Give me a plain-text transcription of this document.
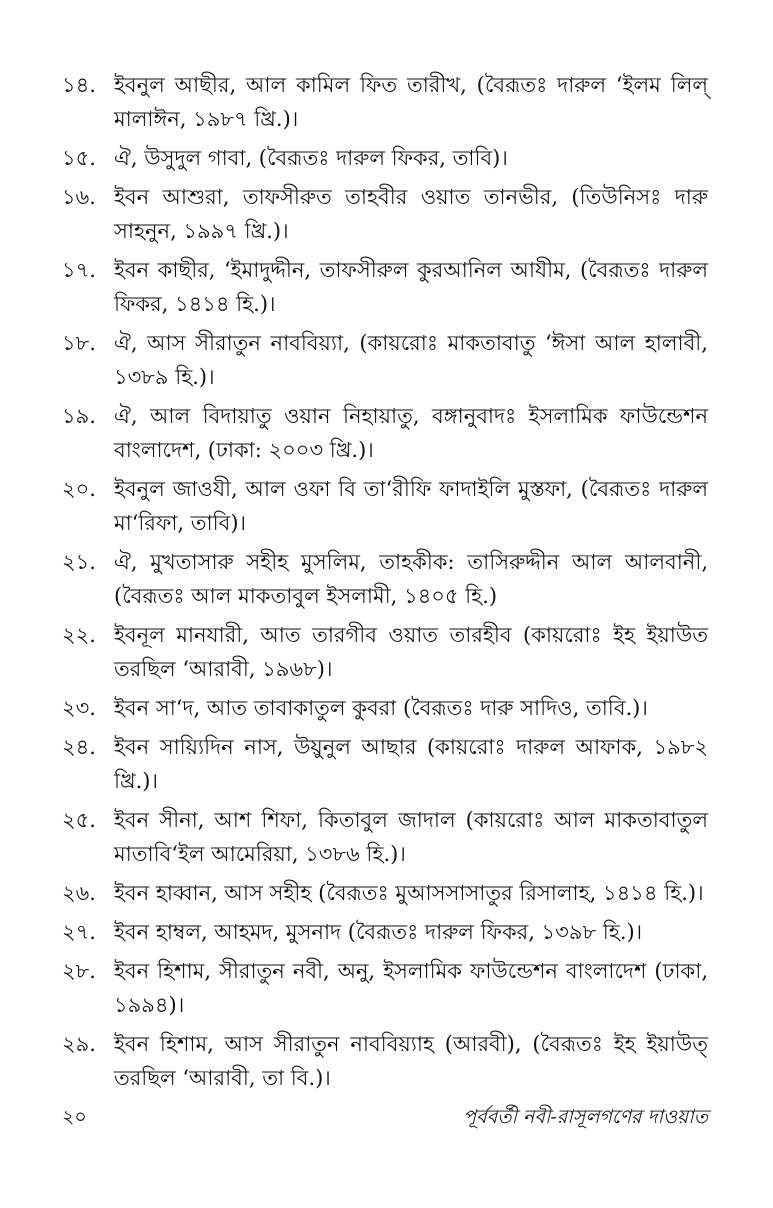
১৪. ইবনুল আছীর, আল কামিল ফিত তারীখ, (বৈরূতঃ দারুল ‘ইলম লিল্ মালাঈন, ১৯৮৭ খ্রি.)।
১৫. ঐ, উসুদুল গাবা, (বৈরূতঃ দারুল ফিকর, তাবি)।
১৬. ইবন আশুরা, তাফসীরুত তাহবীর ওয়াত তানভীর, (তিউনিসঃ দারু সাহনুন, ১৯৯৭ খ্রি.)।
১৭. ইবন কাছীর, ‘ইমাদুদ্দীন, তাফসীরুল কুরআনিল আযীম, (বৈরূতঃ দারুল ফিকর, ১৪১৪ হি.)।
১৮. ঐ, আস সীরাতুন নাববিয়্যা, (কায়রোঃ মাকতাবাতু ‘ঈসা আল হালাবী, ১৩৮৯ হি.)।
১৯. ঐ, আল বিদায়াতু ওয়ান নিহায়াতু, বঙ্গানুবাদঃ ইসলামিক ফাউন্ডেশন বাংলাদেশ, (ঢাকা: ২০০৩ খ্রি.)।
২০. ইবনুল জাওযী, আল ওফা বি তা‘রীফি ফাদাইলি মুস্তফা, (বৈরূতঃ দারুল মা‘রিফা, তাবি)।
২১. ঐ, মুখতাসারু সহীহ মুসলিম, তাহকীক: তাসিরুদ্দীন আল আলবানী, (বৈরূতঃ আল মাকতাবুল ইসলামী, ১৪০৫ হি.)
২২. ইবনূল মানযারী, আত তারগীব ওয়াত তারহীব (কায়রোঃ ইহ ইয়াউত তরছিল ‘আরাবী, ১৯৬৮)।
২৩. ইবন সা‘দ, আত তাবাকাতুল কুবরা (বৈরূতঃ দারু সাদিও, তাবি.)।
২৪. ইবন সায়্যিদিন নাস, উয়ুনুল আছার (কায়রোঃ দারুল আফাক, ১৯৮২ খ্রি.)।
২৫. ইবন সীনা, আশ শিফা, কিতাবুল জাদাল (কায়রোঃ আল মাকতাবাতুল মাতাবি‘ইল আমেরিয়া, ১৩৮৬ হি.)।
২৬. ইবন হাব্বান, আস সহীহ (বৈরূতঃ মুআসসাসাতুর রিসালাহ, ১৪১৪ হি.)।
২৭. ইবন হাম্বল, আহমদ, মুসনাদ (বৈরূতঃ দারুল ফিকর, ১৩৯৮ হি.)।
২৮. ইবন হিশাম, সীরাতুন নবী, অনু, ইসলামিক ফাউন্ডেশন বাংলাদেশ (ঢাকা, ১৯৯৪)।
২৯. ইবন হিশাম, আস সীরাতুন নাববিয়্যাহ (আরবী), (বৈরূতঃ ইহ ইয়াউত্ তরছিল ‘আরাবী, তা বি.)।
২০	পূর্ববর্তী নবী-রাসূলগণের দাওয়াত
